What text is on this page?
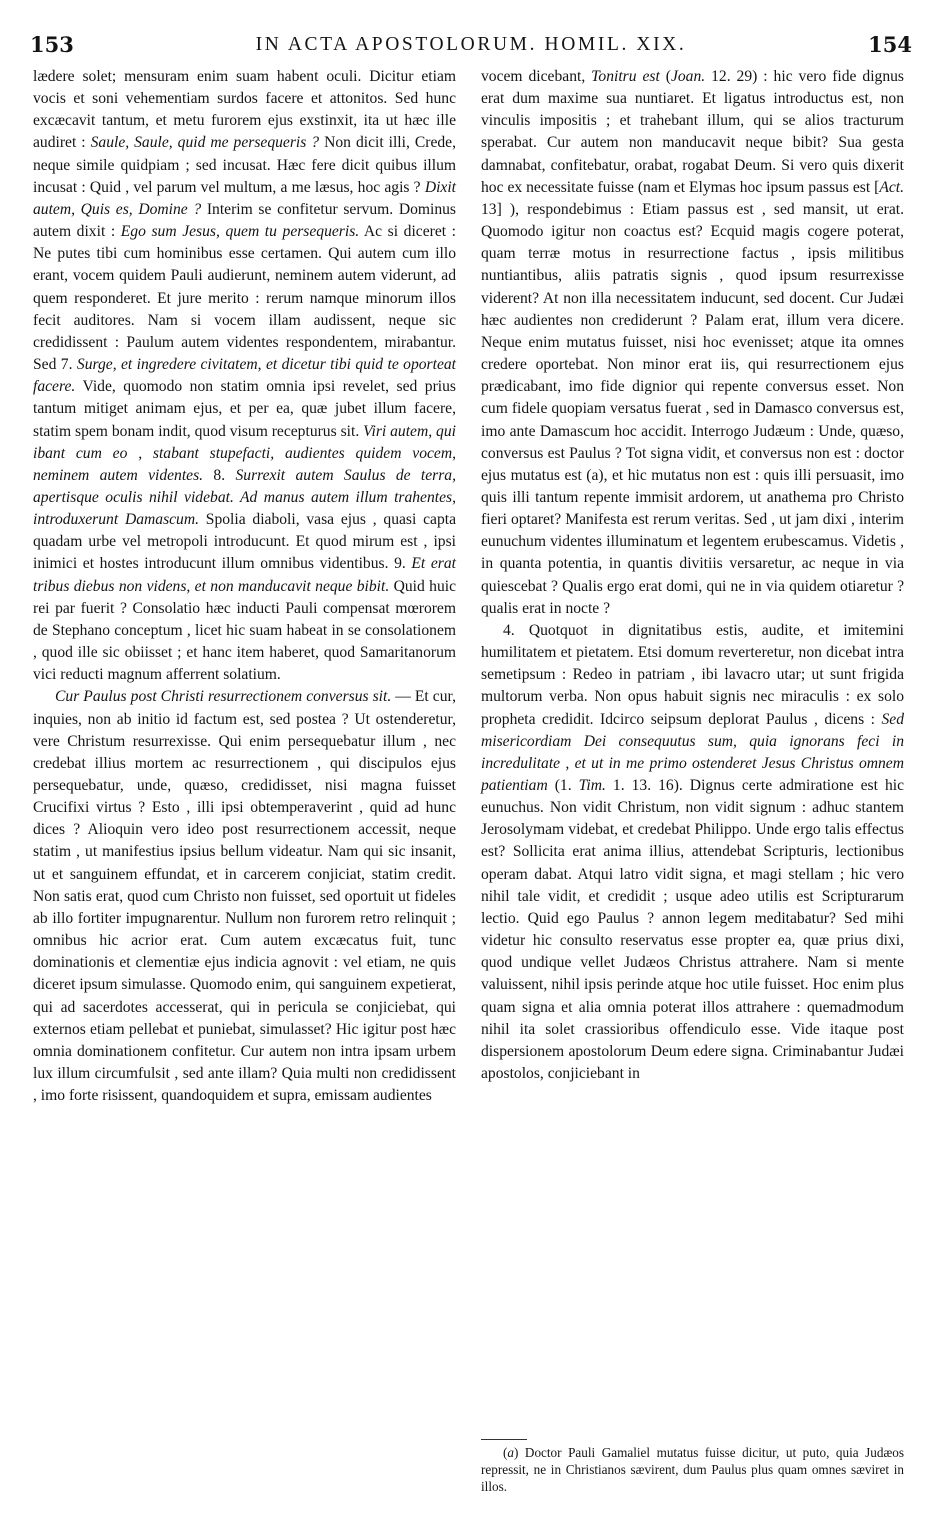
153	IN ACTA APOSTOLORUM. HOMIL. XIX.	154

lædere solet; mensuram enim suam habent oculi. Dicitur etiam vocis et soni vehementiam surdos facere et attonitos. Sed hunc excæcavit tantum, et metu furorem ejus exstinxit, ita ut hæc ille audiret : Saule, Saule, quid me persequeris ? Non dicit illi, Crede, neque simile quidpiam ; sed incusat. Hæc fere dicit quibus illum incusat : Quid , vel parum vel multum, a me læsus, hoc agis ? Dixit autem, Quis es, Domine ? Interim se confitetur servum. Dominus autem dixit : Ego sum Jesus, quem tu persequeris. Ac si diceret : Ne putes tibi cum hominibus esse certamen. Qui autem cum illo erant, vocem quidem Pauli audierunt, neminem autem viderunt, ad quem responderet. Et jure merito : rerum namque minorum illos fecit auditores. Nam si vocem illam audissent, neque sic credidissent : Paulum autem videntes respondentem, mirabantur. Sed 7. Surge, et ingredere civitatem, et dicetur tibi quid te oporteat facere. Vide, quomodo non statim omnia ipsi revelet, sed prius tantum mitiget animam ejus, et per ea, quæ jubet illum facere, statim spem bonam indit, quod visum recepturus sit. Viri autem, qui ibant cum eo , stabant stupefacti, audientes quidem vocem, neminem autem videntes. 8. Surrexit autem Saulus de terra, apertisque oculis nihil videbat. Ad manus autem illum trahentes, introduxerunt Damascum. Spolia diaboli, vasa ejus , quasi capta quadam urbe vel metropoli introducunt. Et quod mirum est , ipsi inimici et hostes introducunt illum omnibus videntibus. 9. Et erat tribus diebus non videns, et non manducavit neque bibit. Quid huic rei par fuerit ? Consolatio hæc inducti Pauli compensat mœrorem de Stephano conceptum , licet hic suam habeat in se consolationem , quod ille sic obiisset ; et hanc item haberet, quod Samaritanorum vici reducti magnum afferrent solatium.

Cur Paulus post Christi resurrectionem conversus sit. — Et cur, inquies, non ab initio id factum est, sed postea ? Ut ostenderetur, vere Christum resurrexisse. Qui enim persequebatur illum , nec credebat illius mortem ac resurrectionem , qui discipulos ejus persequebatur, unde, quæso, credidisset, nisi magna fuisset Crucifixi virtus ? Esto , illi ipsi obtemperaverint , quid ad hunc dices ? Alioquin vero ideo post resurrectionem accessit, neque statim , ut manifestius ipsius bellum videatur. Nam qui sic insanit, ut et sanguinem effundat, et in carcerem conjiciat, statim credit. Non satis erat, quod cum Christo non fuisset, sed oportuit ut fideles ab illo fortiter impugnarentur. Nullum non furorem retro relinquit ; omnibus hic acrior erat. Cum autem excæcatus fuit, tunc dominationis et clementiæ ejus indicia agnovit : vel etiam, ne quis diceret ipsum simulasse. Quomodo enim, qui sanguinem expetierat, qui ad sacerdotes accesserat, qui in pericula se conjiciebat, qui externos etiam pellebat et puniebat, simulasset? Hic igitur post hæc omnia dominationem confitetur. Cur autem non intra ipsam urbem lux illum circumfulsit , sed ante illam? Quia multi non credidissent , imo forte risissent, quandoquidem et supra, emissam audientes

vocem dicebant, Tonitru est (Joan. 12. 29) : hic vero fide dignus erat dum maxime sua nuntiaret. Et ligatus introductus est, non vinculis impositis ; et trahebant illum, qui se alios tracturum sperabat. Cur autem non manducavit neque bibit? Sua gesta damnabat, confitebatur, orabat, rogabat Deum. Si vero quis dixerit hoc ex necessitate fuisse (nam et Elymas hoc ipsum passus est [Act. 13] ), respondebimus : Etiam passus est , sed mansit, ut erat. Quomodo igitur non coactus est? Ecquid magis cogere poterat, quam terræ motus in resurrectione factus , ipsis militibus nuntiantibus, aliis patratis signis , quod ipsum resurrexisse viderent? At non illa necessitatem inducunt, sed docent. Cur Judæi hæc audientes non crediderunt ? Palam erat, illum vera dicere. Neque enim mutatus fuisset, nisi hoc evenisset; atque ita omnes credere oportebat. Non minor erat iis, qui resurrectionem ejus prædicabant, imo fide dignior qui repente conversus esset. Non cum fidele quopiam versatus fuerat , sed in Damasco conversus est, imo ante Damascum hoc accidit. Interrogo Judæum : Unde, quæso, conversus est Paulus ? Tot signa vidit, et conversus non est : doctor ejus mutatus est (a), et hic mutatus non est : quis illi persuasit, imo quis illi tantum repente immisit ardorem, ut anathema pro Christo fieri optaret? Manifesta est rerum veritas. Sed , ut jam dixi , interim eunuchum videntes illuminatum et legentem erubescamus. Videtis , in quanta potentia, in quantis divitiis versaretur, ac neque in via quiescebat ? Qualis ergo erat domi, qui ne in via quidem otiaretur ? qualis erat in nocte ?

4. Quotquot in dignitatibus estis, audite, et imitemini humilitatem et pietatem. Etsi domum reverteretur, non dicebat intra semetipsum : Redeo in patriam , ibi lavacro utar; ut sunt frigida multorum verba. Non opus habuit signis nec miraculis : ex solo propheta credidit. Idcirco seipsum deplorat Paulus , dicens : Sed misericordiam Dei consequutus sum, quia ignorans feci in incredulitate , et ut in me primo ostenderet Jesus Christus omnem patientiam (1. Tim. 1. 13. 16). Dignus certe admiratione est hic eunuchus. Non vidit Christum, non vidit signum : adhuc stantem Jerosolymam videbat, et credebat Philippo. Unde ergo talis effectus est? Sollicita erat anima illius, attendebat Scripturis, lectionibus operam dabat. Atqui latro vidit signa, et magi stellam ; hic vero nihil tale vidit, et credidit ; usque adeo utilis est Scripturarum lectio. Quid ego Paulus ? annon legem meditabatur? Sed mihi videtur hic consulto reservatus esse propter ea, quæ prius dixi, quod undique vellet Judæos Christus attrahere. Nam si mente valuissent, nihil ipsis perinde atque hoc utile fuisset. Hoc enim plus quam signa et alia omnia poterat illos attrahere : quemadmodum nihil ita solet crassioribus offendiculo esse. Vide itaque post dispersionem apostolorum Deum edere signa. Criminabantur Judæi apostolos, conjiciebant in

(a) Doctor Pauli Gamaliel mutatus fuisse dicitur, ut puto, quia Judæos repressit, ne in Christianos sævirent, dum Paulus plus quam omnes sæviret in illos.
